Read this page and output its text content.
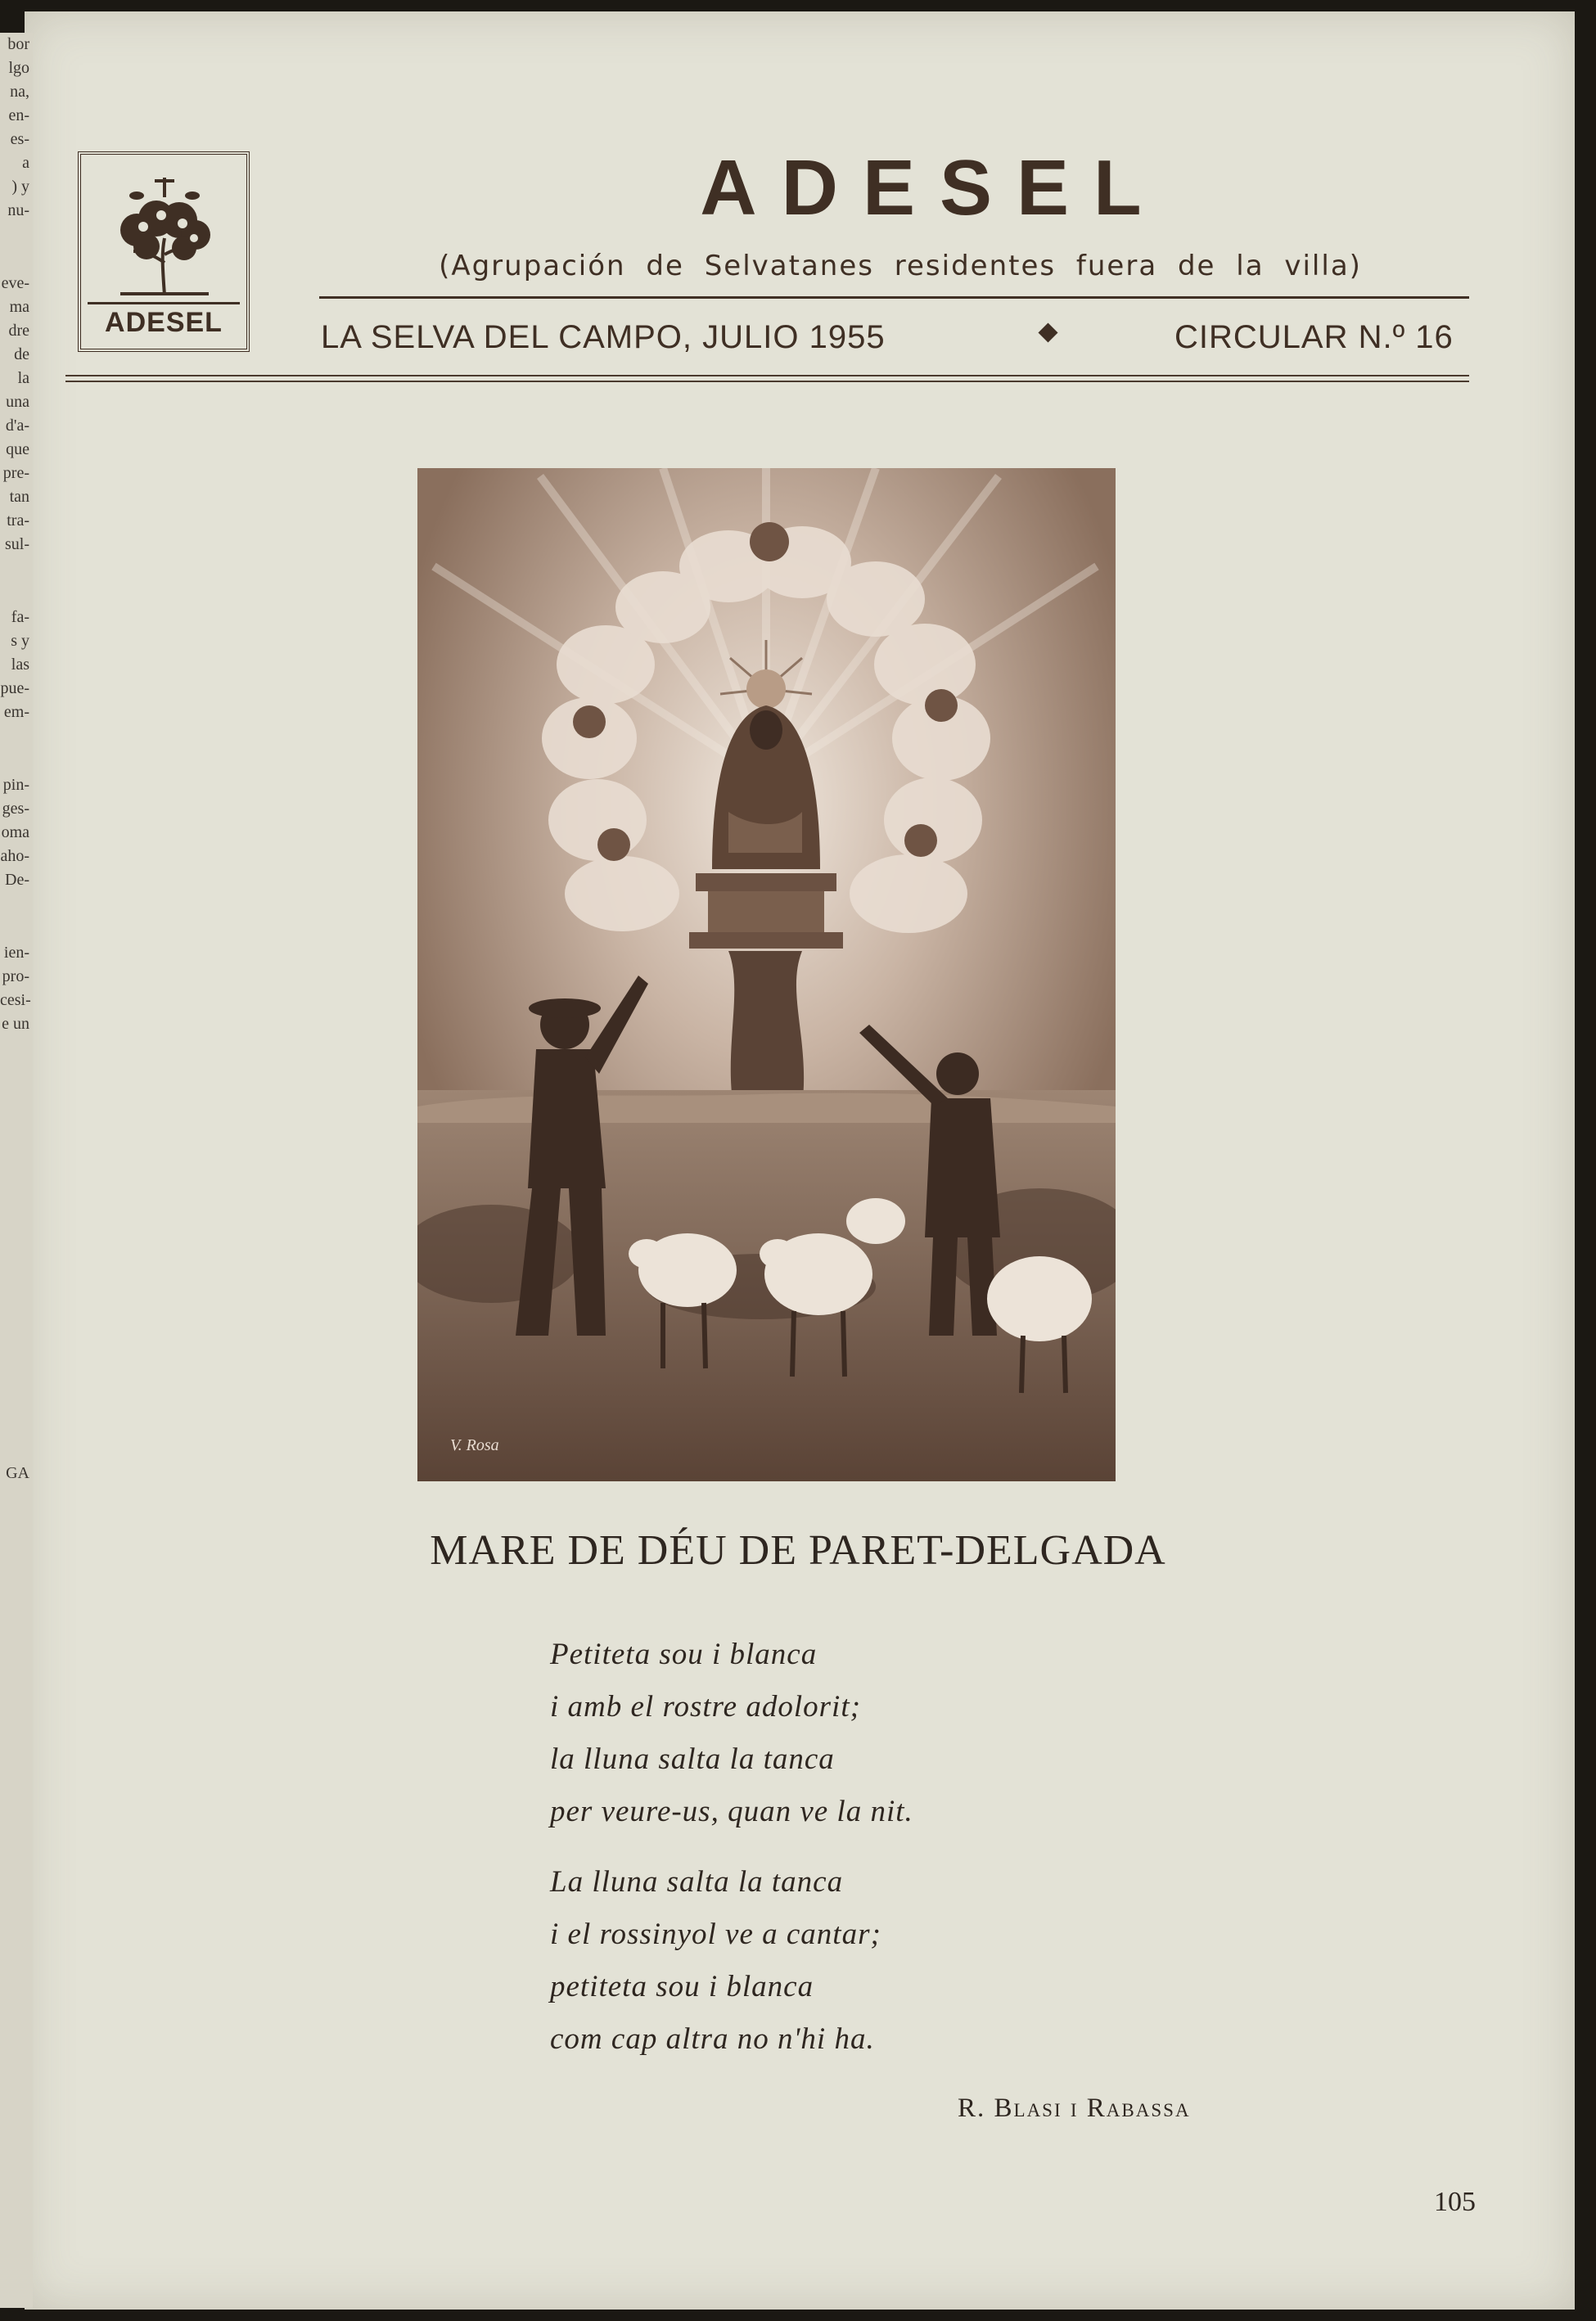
bor
lgo
na,
en-
es-
a
) y
nu-
eve-
ma
dre
de
la
una
d'a-
que
pre-
tan
tra-
sul-
fa-
s y
las
pue-
em-
pin-
ges-
oma
aho-
De-
ien-
pro-
cesi-
e un
GA
ADESEL
ADESEL
(Agrupación de Selvatanes residentes fuera de la villa)
LA SELVA DEL CAMPO, JULIO 1955	CIRCULAR N.º 16
V. Rosa
MARE DE DÉU DE PARET-DELGADA
Petiteta sou i blanca
i amb el rostre adolorit;
la lluna salta la tanca
per veure-us, quan ve la nit.
La lluna salta la tanca
i el rossinyol ve a cantar;
petiteta sou i blanca
com cap altra no n'hi ha.
R. Blasi i Rabassa
105
